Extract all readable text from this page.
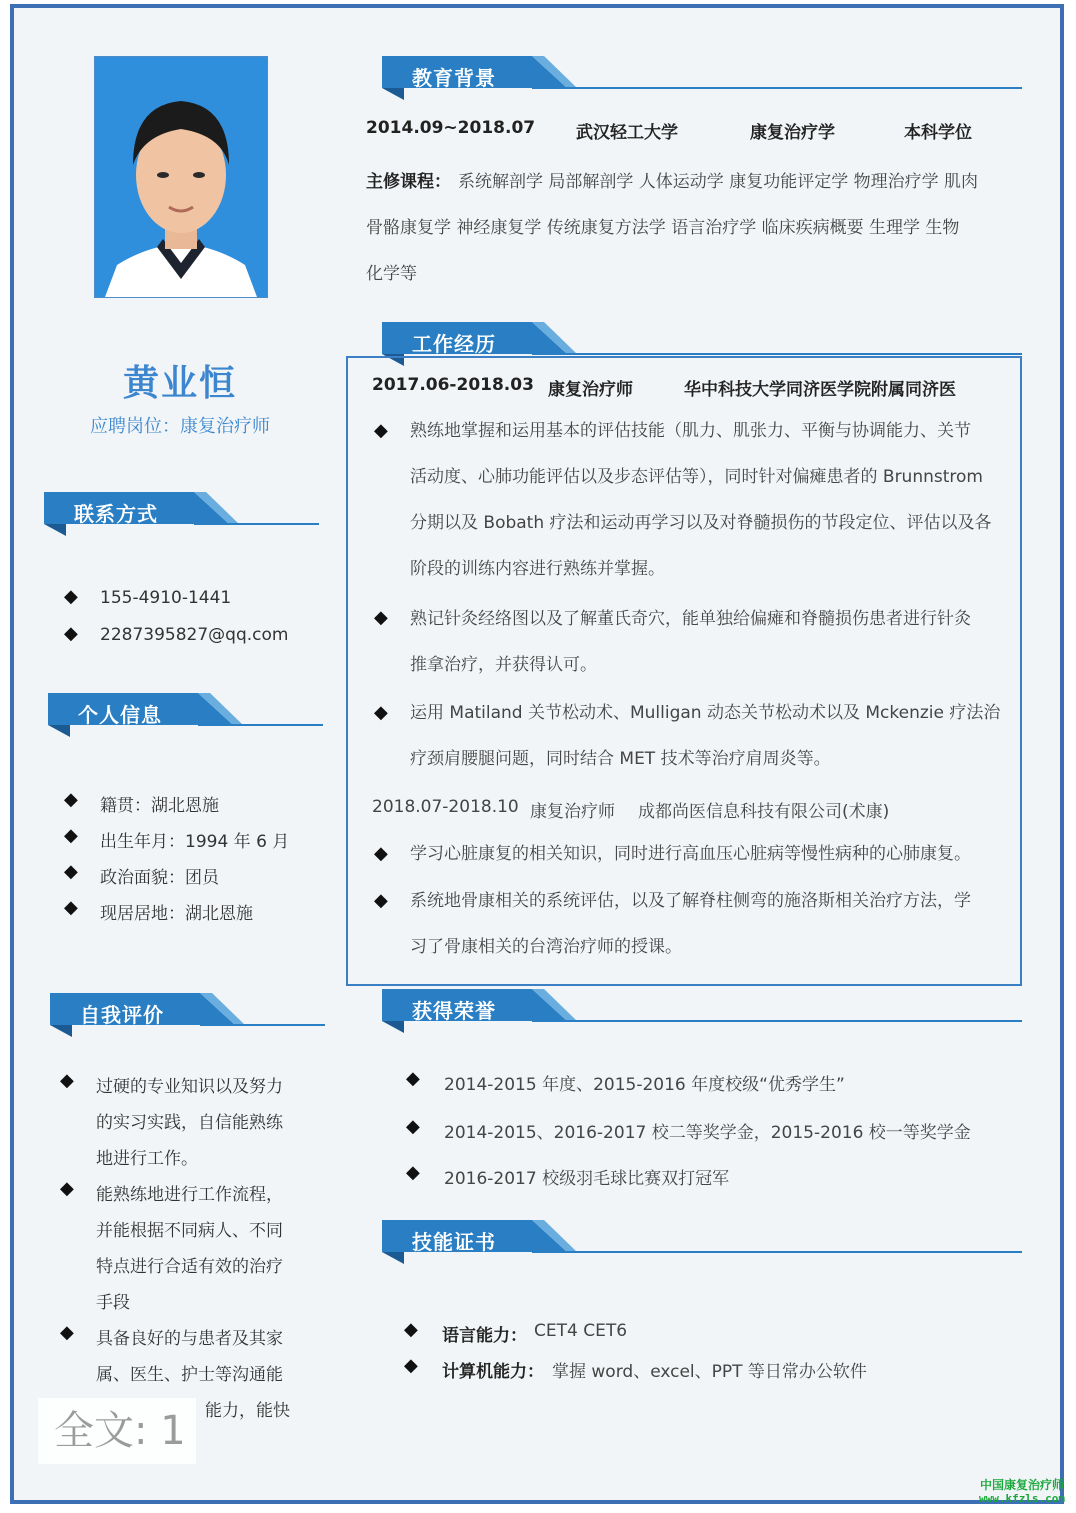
黄业恒
应聘岗位：康复治疗师
联系方式
个人信息
自我评价
◆ 155-4910-1441
◆ 2287395827@qq.com
◆ 籍贯：湖北恩施
◆ 出生年月：1994 年 6 月
◆ 政治面貌：团员
◆ 现居居地：湖北恩施
◆ 过硬的专业知识以及努力
的实习实践，自信能熟练
地进行工作。
◆ 能熟练地进行工作流程，
并能根据不同病人、不同
特点进行合适有效的治疗
手段
◆ 具备良好的与患者及其家
属、医生、护士等沟通能
能力，能快
教育背景
工作经历
获得荣誉
技能证书
2014.09~2018.07 武汉轻工大学	康复治疗学	本科学位
主修课程： 系统解剖学 局部解剖学 人体运动学 康复功能评定学 物理治疗学 肌肉
骨骼康复学 神经康复学 传统康复方法学 语言治疗学 临床疾病概要 生理学 生物
化学等
2017.06-2018.03 康复治疗师	华中科技大学同济医学院附属同济医
◆ 熟练地掌握和运用基本的评估技能（肌力、肌张力、平衡与协调能力、关节
活动度、心肺功能评估以及步态评估等），同时针对偏瘫患者的 Brunnstrom
分期以及 Bobath 疗法和运动再学习以及对脊髓损伤的节段定位、评估以及各
阶段的训练内容进行熟练并掌握。
◆ 熟记针灸经络图以及了解董氏奇穴，能单独给偏瘫和脊髓损伤患者进行针灸
推拿治疗，并获得认可。
◆ 运用 Matiland 关节松动术、Mulligan 动态关节松动术以及 Mckenzie 疗法治
疗颈肩腰腿问题，同时结合 MET 技术等治疗肩周炎等。
2018.07-2018.10 康复治疗师 成都尚医信息科技有限公司(术康)
◆ 学习心脏康复的相关知识，同时进行高血压心脏病等慢性病种的心肺康复。
◆ 系统地骨康相关的系统评估，以及了解脊柱侧弯的施洛斯相关治疗方法，学
习了骨康相关的台湾治疗师的授课。
◆ 2014-2015 年度、2015-2016 年度校级“优秀学生”
◆ 2014-2015、2016-2017 校二等奖学金，2015-2016 校一等奖学金
◆ 2016-2017 校级羽毛球比赛双打冠军
◆ 语言能力： CET4 CET6
◆ 计算机能力： 掌握 word、excel、PPT 等日常办公软件
全文: 1
中国康复治疗师
www.kfzls.com
